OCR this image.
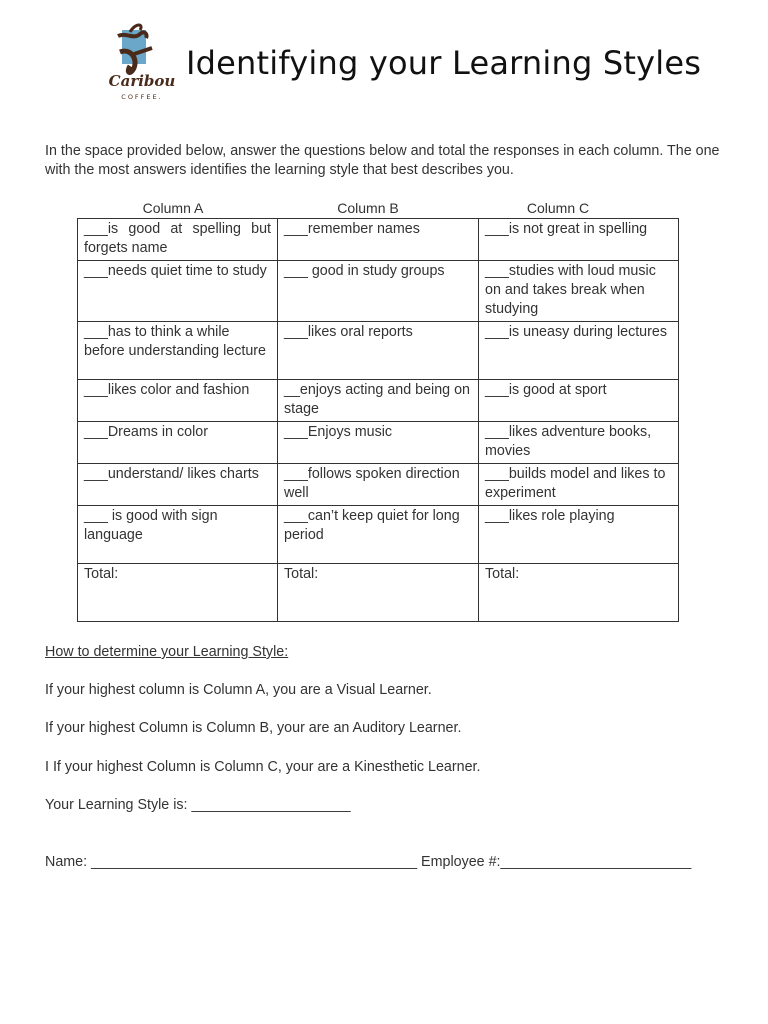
Caribou
COFFEE.
Identifying your Learning Styles
In the space provided below, answer the questions below and total the responses in each column. The one with the most answers identifies the learning style that best describes you.
Column A	Column B	Column C
___is good at spelling but forgets name	___remember names	___is not great in spelling
___needs quiet time to study	___ good in study groups	___studies with loud music on and takes break when studying
___has to think a while before understanding lecture	___likes oral reports	___is uneasy during lectures
___likes color and fashion	__enjoys acting and being on stage	___is good at sport
___Dreams in color	___Enjoys music	___likes adventure books, movies
___understand/ likes charts	___follows spoken direction well	___builds model and likes to experiment
___ is good with sign language	___can’t keep quiet for long period	___likes role playing
Total:	Total:	Total:
How to determine your Learning Style:
If your highest column is Column A, you are a Visual Learner.
If your highest Column is Column B, your are an Auditory Learner.
I If your highest Column is Column C, your are a Kinesthetic Learner.
Your Learning Style is: ____________________
Name: _________________________________________ Employee #:________________________
